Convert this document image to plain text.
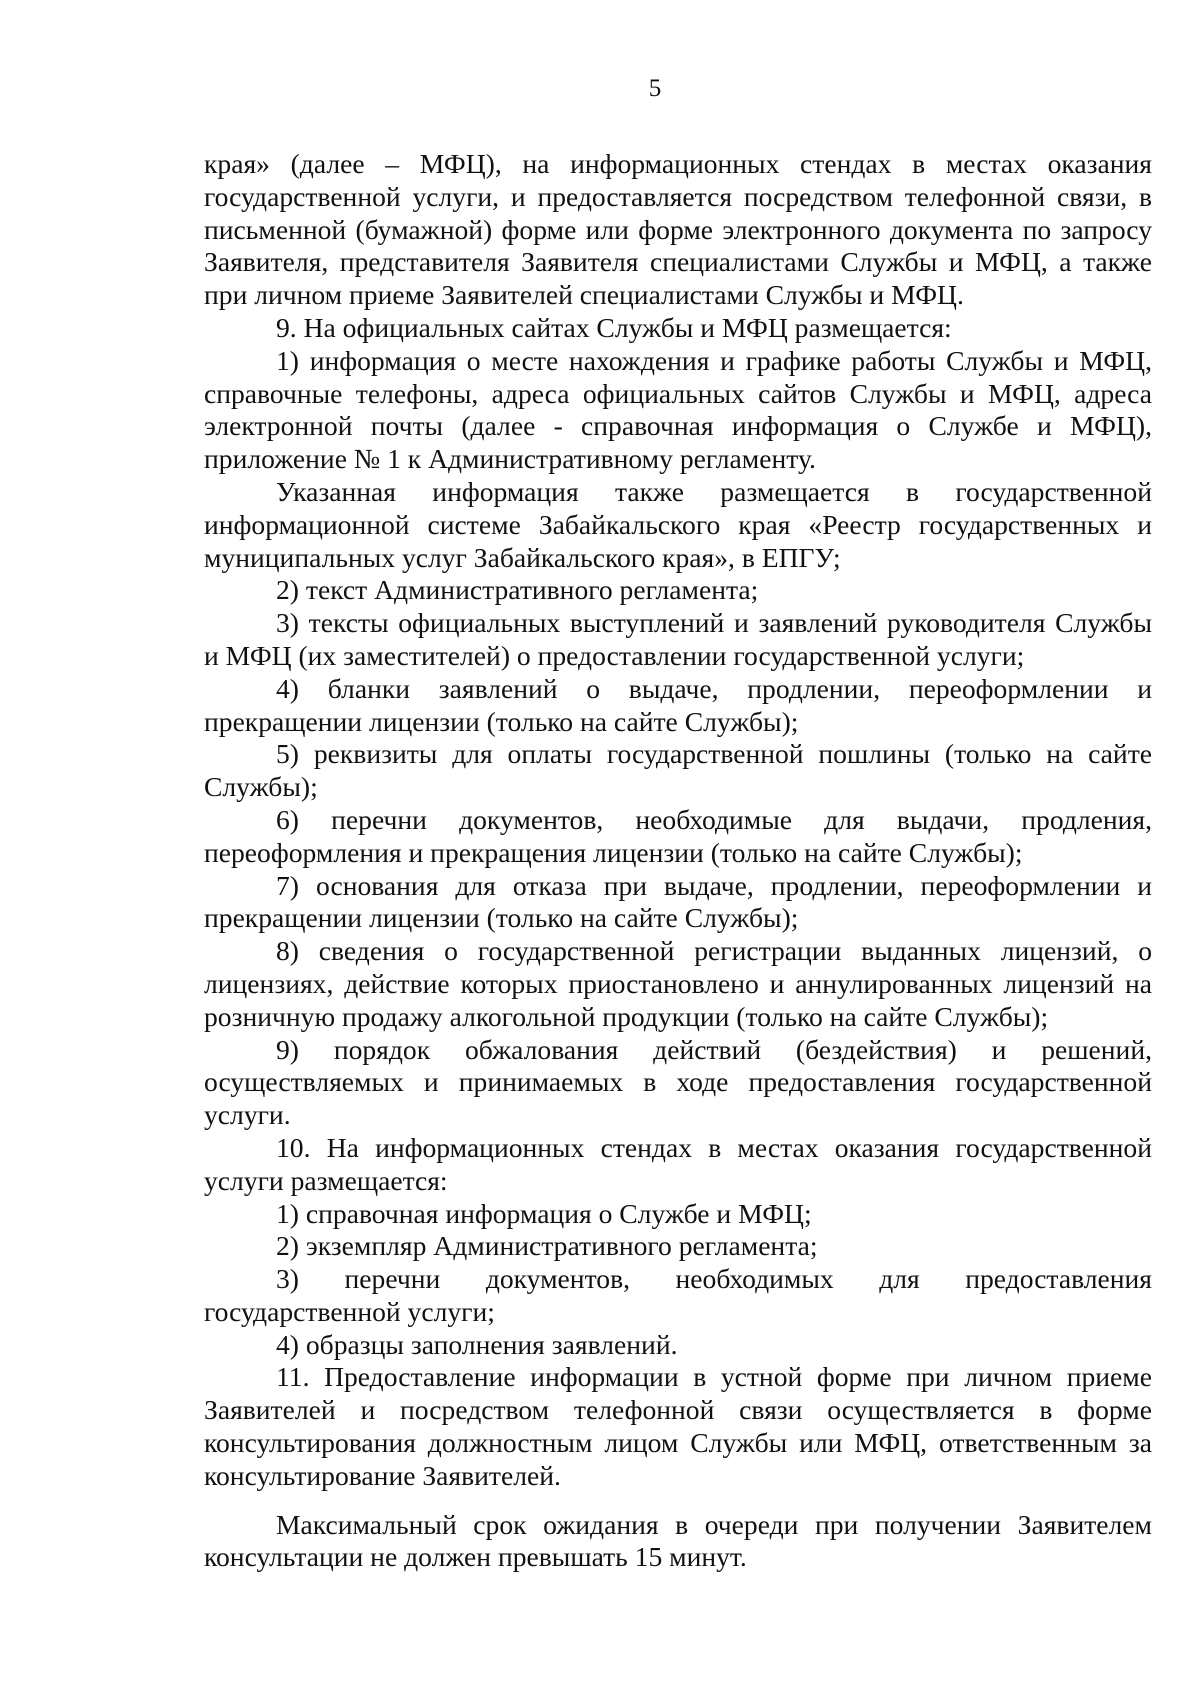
5

края» (далее – МФЦ), на информационных стендах в местах оказания государственной услуги, и предоставляется посредством телефонной связи, в письменной (бумажной) форме или форме электронного документа по запросу Заявителя, представителя Заявителя специалистами Службы и МФЦ, а также при личном приеме Заявителей специалистами Службы и МФЦ.

9. На официальных сайтах Службы и МФЦ размещается:

1) информация о месте нахождения и графике работы Службы и МФЦ, справочные телефоны, адреса официальных сайтов Службы и МФЦ, адреса электронной почты (далее - справочная информация о Службе и МФЦ), приложение № 1 к Административному регламенту.

Указанная информация также размещается в государственной информационной системе Забайкальского края «Реестр государственных и муниципальных услуг Забайкальского края», в ЕПГУ;

2) текст Административного регламента;

3) тексты официальных выступлений и заявлений руководителя Службы и МФЦ (их заместителей) о предоставлении государственной услуги;

4) бланки заявлений о выдаче, продлении, переоформлении и прекращении лицензии (только на сайте Службы);

5) реквизиты для оплаты государственной пошлины (только на сайте Службы);

6) перечни документов, необходимые для выдачи, продления, переоформления и прекращения лицензии (только на сайте Службы);

7) основания для отказа при выдаче, продлении, переоформлении и прекращении лицензии (только на сайте Службы);

8) сведения о государственной регистрации выданных лицензий, о лицензиях, действие которых приостановлено и аннулированных лицензий на розничную продажу алкогольной продукции (только на сайте Службы);

9) порядок обжалования действий (бездействия) и решений, осуществляемых и принимаемых в ходе предоставления государственной услуги.

10. На информационных стендах в местах оказания государственной услуги размещается:

1) справочная информация о Службе и МФЦ;

2) экземпляр Административного регламента;

3) перечни документов, необходимых для предоставления государственной услуги;

4) образцы заполнения заявлений.

11. Предоставление информации в устной форме при личном приеме Заявителей и посредством телефонной связи осуществляется в форме консультирования должностным лицом Службы или МФЦ, ответственным за консультирование Заявителей.

Максимальный срок ожидания в очереди при получении Заявителем консультации не должен превышать 15 минут.
